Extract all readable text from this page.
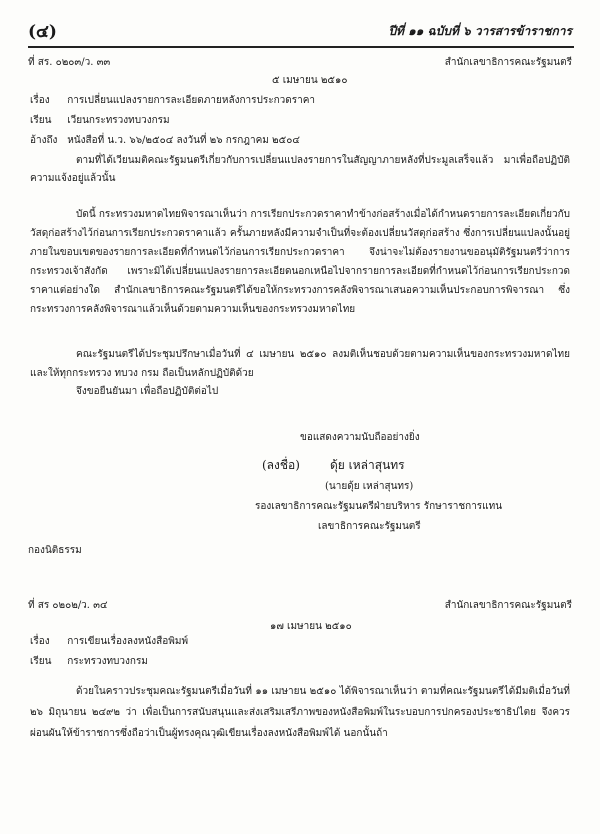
(๔)	ปีที่ ๑๑ ฉบับที่ ๖ วารสารข้าราชการ
ที่ สร. ๐๒๐๓/ว. ๓๓	สำนักเลขาธิการคณะรัฐมนตรี
๕ เมษายน ๒๕๑๐
เรื่อง การเปลี่ยนแปลงรายการละเอียดภายหลังการประกวดราคา
เรียน เวียนกระทรวงทบวงกรม
อ้างถึง หนังสือที่ น.ว. ๖๖/๒๕๐๔ ลงวันที่ ๒๖ กรกฎาคม ๒๕๐๔
ตามที่ได้เวียนมติคณะรัฐมนตรีเกี่ยวกับการเปลี่ยนแปลงรายการในสัญญาภายหลังที่ประมูลเสร็จแล้ว มาเพื่อถือปฏิบัติ ความแจ้งอยู่แล้วนั้น
บัดนี้ กระทรวงมหาดไทยพิจารณาเห็นว่า การเรียกประกวดราคาทำข้างก่อสร้างเมื่อได้กำหนดรายการละเอียดเกี่ยวกับวัสดุก่อสร้างไว้ก่อนการเรียกประกวดราคาแล้ว ครั้นภายหลังมีความจำเป็นที่จะต้องเปลี่ยนวัสดุก่อสร้าง ซึ่งการเปลี่ยนแปลงนั้นอยู่ภายในขอบเขตของรายการละเอียดที่กำหนดไว้ก่อนการเรียกประกวดราคา จึงน่าจะไม่ต้องรายงานขออนุมัติรัฐมนตรีว่าการกระทรวงเจ้าสังกัด เพราะมิได้เปลี่ยนแปลงรายการละเอียดนอกเหนือไปจากรายการละเอียดที่กำหนดไว้ก่อนการเรียกประกวดราคาแต่อย่างใด สำนักเลขาธิการคณะรัฐมนตรีได้ขอให้กระทรวงการคลังพิจารณาเสนอความเห็นประกอบการพิจารณา ซึ่งกระทรวงการคลังพิจารณาแล้วเห็นด้วยตามความเห็นของกระทรวงมหาดไทย
คณะรัฐมนตรีได้ประชุมปรึกษาเมื่อวันที่ ๔ เมษายน ๒๕๑๐ ลงมติเห็นชอบด้วยตามความเห็นของกระทรวงมหาดไทย และให้ทุกกระทรวง ทบวง กรม ถือเป็นหลักปฏิบัติด้วย
จึงขอยืนยันมา เพื่อถือปฏิบัติต่อไป
ขอแสดงความนับถืออย่างยิ่ง
(ลงชื่อ)	ดุ้ย เหล่าสุนทร
(นายดุ้ย เหล่าสุนทร)
รองเลขาธิการคณะรัฐมนตรีฝ่ายบริหาร รักษาราชการแทน
เลขาธิการคณะรัฐมนตรี
กองนิติธรรม
ที่ สร ๐๒๐๒/ว. ๓๔	สำนักเลขาธิการคณะรัฐมนตรี
๑๗ เมษายน ๒๕๑๐
เรื่อง การเขียนเรื่องลงหนังสือพิมพ์
เรียน กระทรวงทบวงกรม
ด้วยในคราวประชุมคณะรัฐมนตรีเมื่อวันที่ ๑๑ เมษายน ๒๕๑๐ ได้พิจารณาเห็นว่า ตามที่คณะรัฐมนตรีได้มีมติเมื่อวันที่ ๒๖ มิถุนายน ๒๔๙๒ ว่า เพื่อเป็นการสนับสนุนและส่งเสริมเสรีภาพของหนังสือพิมพ์ในระบอบการปกครองประชาธิปไตย จึงควรผ่อนผันให้ข้าราชการซึ่งถือว่าเป็นผู้ทรงคุณวุฒิเขียนเรื่องลงหนังสือพิมพ์ได้ นอกนั้นถ้า
